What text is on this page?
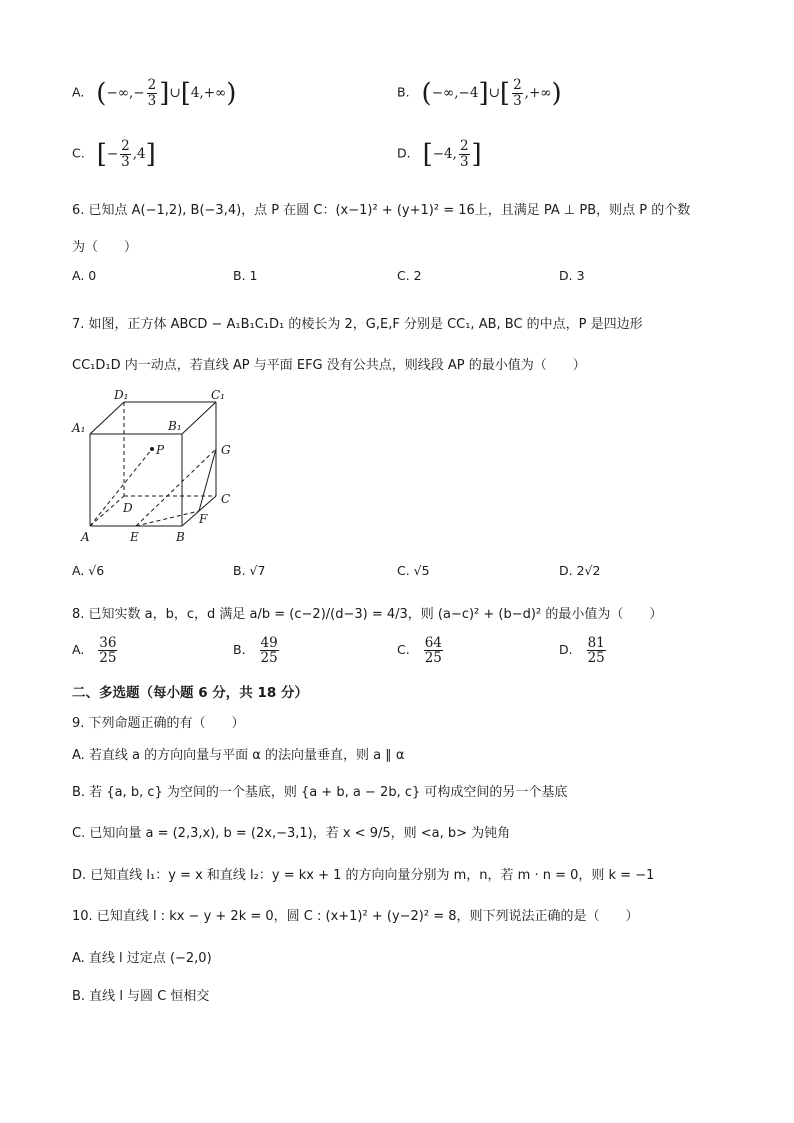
A. (−∞,− $\frac{2}{3}$ ]∪[4,+∞)	B. (−∞,−4]∪[ $\frac{2}{3}$ ,+∞)
C. [− $\frac{2}{3} ,4$]	D. [−4, $\frac{2}{3}$ ]
6. 已知点 A(−1,2), B(−3,4)，点 P 在圆 C：(x−1)² + (y+1)² = 16上，且满足 PA ⊥ PB，则点 P 的个数
为（　　）
A. 0	B. 1	C. 2	D. 3
7. 如图，正方体 ABCD − A₁B₁C₁D₁ 的棱长为 2，G,E,F 分别是 CC₁, AB, BC 的中点，P 是四边形
CC₁D₁D 内一动点，若直线 AP 与平面 EFG 没有公共点，则线段 AP 的最小值为（　　）
D₁	C₁
A₁	B₁
P	G
C
D
F
A	E	B
A. √6	B. √7	C. √5	D. 2√2
8. 已知实数 a，b，c，d 满足 a/b = (c−2)/(d−3) = 4/3，则 (a−c)² + (b−d)² 的最小值为（　　）
A. $\frac{36}{25}$	B. $\frac{49}{25}$	C. $\frac{64}{25}$	D. $\frac{81}{25}$
二、多选题（每小题 6 分，共 18 分）
9. 下列命题正确的有（　　）
A. 若直线 a 的方向向量与平面 α 的法向量垂直，则 a ∥ α
B. 若 {a, b, c} 为空间的一个基底，则 {a + b, a − 2b, c} 可构成空间的另一个基底
C. 已知向量 a = (2,3,x), b = (2x,−3,1)，若 x < 9/5，则 <a, b> 为钝角
D. 已知直线 l₁：y = x 和直线 l₂：y = kx + 1 的方向向量分别为 m，n，若 m · n = 0，则 k = −1
10. 已知直线 l : kx − y + 2k = 0，圆 C : (x+1)² + (y−2)² = 8，则下列说法正确的是（　　）
A. 直线 l 过定点 (−2,0)
B. 直线 l 与圆 C 恒相交
